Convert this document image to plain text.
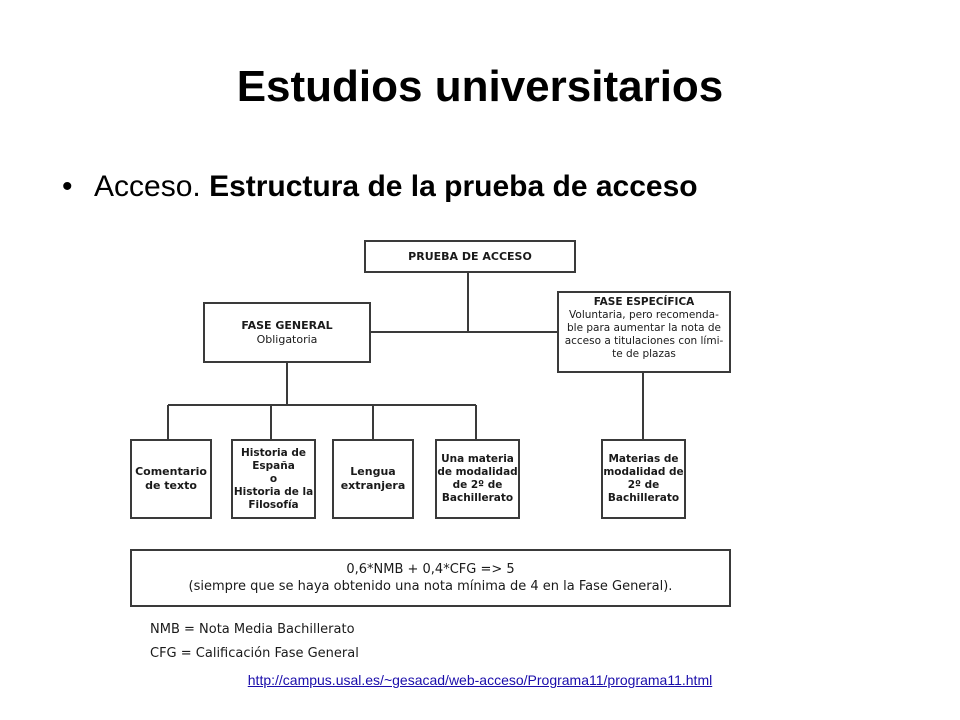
Estudios universitarios
• Acceso. Estructura de la prueba de acceso
PRUEBA DE ACCESO
FASE GENERAL
Obligatoria
FASE ESPECÍFICA
Voluntaria, pero recomenda-
ble para aumentar la nota de
acceso a titulaciones con lími-
te de plazas
Comentario
de texto
Historia de
España
o
Historia de la
Filosofía
Lengua
extranjera
Una materia
de modalidad
de 2º de
Bachillerato
Materias de
modalidad de
2º de
Bachillerato
0,6*NMB + 0,4*CFG => 5
(siempre que se haya obtenido una nota mínima de 4 en la Fase General).
NMB = Nota Media Bachillerato
CFG = Calificación Fase General
http://campus.usal.es/~gesacad/web-acceso/Programa11/programa11.html
